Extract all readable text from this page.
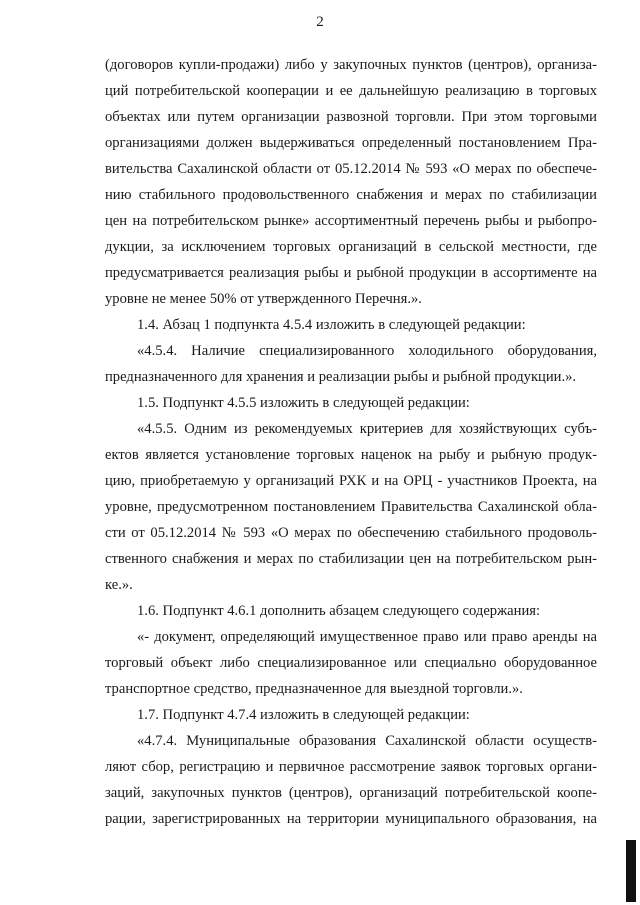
2
(договоров купли-продажи) либо у закупочных пунктов (центров), организа-
ций потребительской кооперации и ее дальнейшую реализацию в торговых
объектах или путем организации развозной торговли. При этом торговыми
организациями должен выдерживаться определенный постановлением Пра-
вительства Сахалинской области от 05.12.2014 № 593 «О мерах по обеспече-
нию стабильного продовольственного снабжения и мерах по стабилизации
цен на потребительском рынке» ассортиментный перечень рыбы и рыбопро-
дукции, за исключением торговых организаций в сельской местности, где
предусматривается реализация рыбы и рыбной продукции в ассортименте на
уровне не менее 50% от утвержденного Перечня.».
1.4. Абзац 1 подпункта 4.5.4 изложить в следующей редакции:
«4.5.4. Наличие специализированного холодильного оборудования,
предназначенного для хранения и реализации рыбы и рыбной продукции.».
1.5. Подпункт 4.5.5 изложить в следующей редакции:
«4.5.5. Одним из рекомендуемых критериев для хозяйствующих субъ-
ектов является установление торговых наценок на рыбу и рыбную продук-
цию, приобретаемую у организаций РХК и на ОРЦ - участников Проекта, на
уровне, предусмотренном постановлением Правительства Сахалинской обла-
сти от 05.12.2014 № 593 «О мерах по обеспечению стабильного продоволь-
ственного снабжения и мерах по стабилизации цен на потребительском рын-
ке.».
1.6. Подпункт 4.6.1 дополнить абзацем следующего содержания:
«- документ, определяющий имущественное право или право аренды на
торговый объект либо специализированное или специально оборудованное
транспортное средство, предназначенное для выездной торговли.».
1.7. Подпункт 4.7.4 изложить в следующей редакции:
«4.7.4. Муниципальные образования Сахалинской области осуществ-
ляют сбор, регистрацию и первичное рассмотрение заявок торговых органи-
заций, закупочных пунктов (центров), организаций потребительской коопе-
рации, зарегистрированных на территории муниципального образования, на
